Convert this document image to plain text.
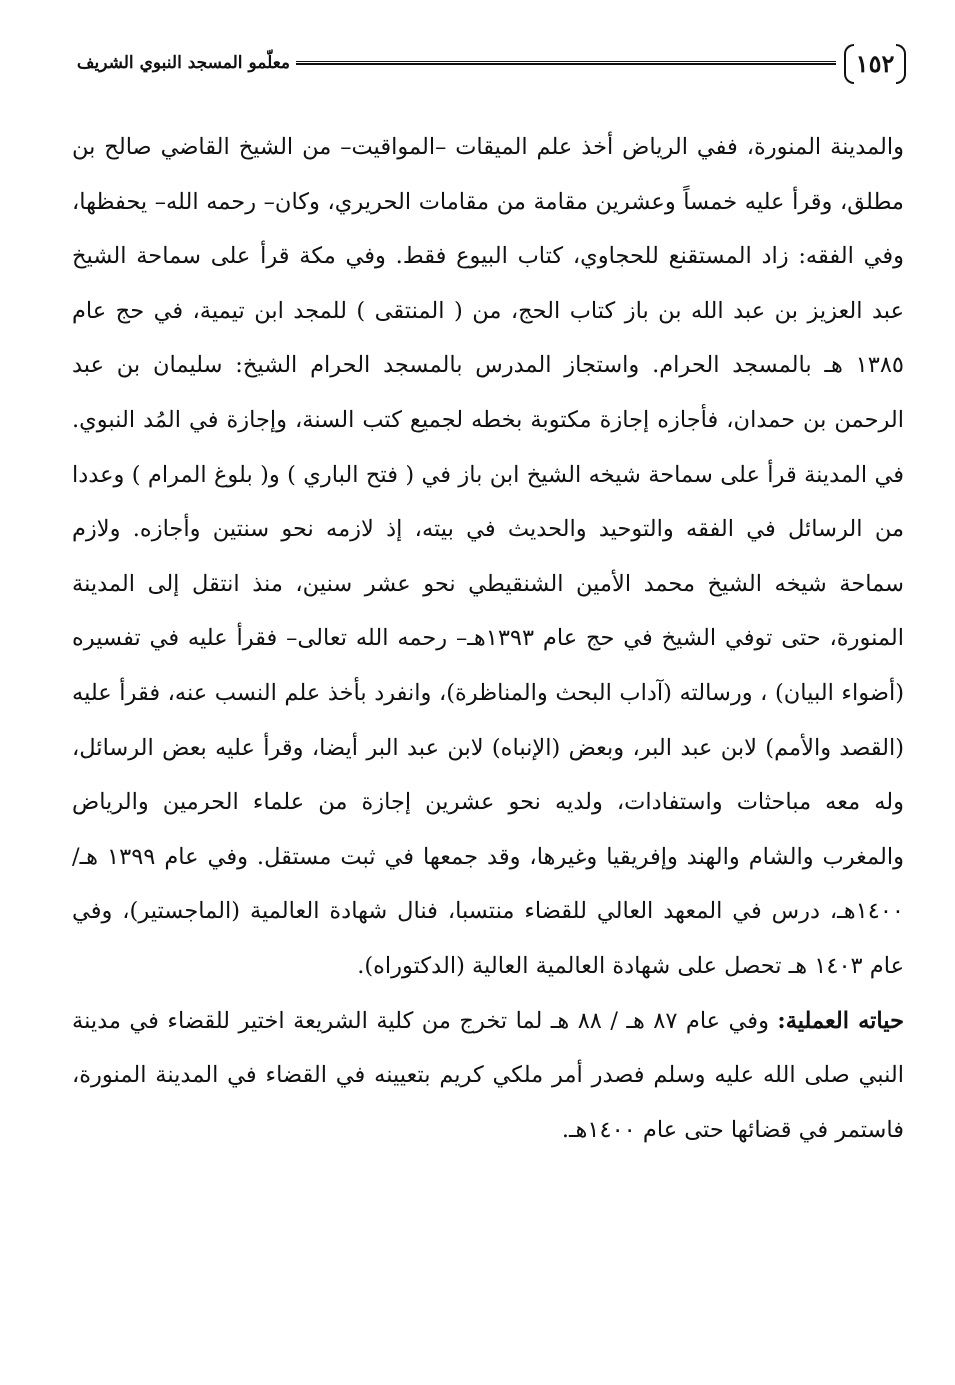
١٥٢
معلّمو المسجد النبوي الشريف

والمدينة المنورة، ففي الرياض أخذ علم الميقات –المواقيت– من الشيخ القاضي صالح بن مطلق، وقرأ عليه خمساً وعشرين مقامة من مقامات الحريري، وكان– رحمه الله– يحفظها، وفي الفقه: زاد المستقنع للحجاوي، كتاب البيوع فقط. وفي مكة قرأ على سماحة الشيخ عبد العزيز بن عبد الله بن باز كتاب الحج، من ( المنتقى ) للمجد ابن تيمية، في حج عام ١٣٨٥ هـ بالمسجد الحرام. واستجاز المدرس بالمسجد الحرام الشيخ: سليمان بن عبد الرحمن بن حمدان، فأجازه إجازة مكتوبة بخطه لجميع كتب السنة، وإجازة في المُد النبوي. في المدينة قرأ على سماحة شيخه الشيخ ابن باز في ( فتح الباري ) و( بلوغ المرام ) وعددا من الرسائل في الفقه والتوحيد والحديث في بيته، إذ لازمه نحو سنتين وأجازه. ولازم سماحة شيخه الشيخ محمد الأمين الشنقيطي نحو عشر سنين، منذ انتقل إلى المدينة المنورة، حتى توفي الشيخ في حج عام ١٣٩٣هـ– رحمه الله تعالى– فقرأ عليه في تفسيره (أضواء البيان) ، ورسالته (آداب البحث والمناظرة)، وانفرد بأخذ علم النسب عنه، فقرأ عليه (القصد والأمم) لابن عبد البر، وبعض (الإنباه) لابن عبد البر أيضا، وقرأ عليه بعض الرسائل، وله معه مباحثات واستفادات، ولديه نحو عشرين إجازة من علماء الحرمين والرياض والمغرب والشام والهند وإفريقيا وغيرها، وقد جمعها في ثبت مستقل. وفي عام ١٣٩٩ هـ/ ١٤٠٠هـ، درس في المعهد العالي للقضاء منتسبا، فنال شهادة العالمية (الماجستير)، وفي عام ١٤٠٣ هـ تحصل على شهادة العالمية العالية (الدكتوراه).

حياته العملية: وفي عام ٨٧ هـ / ٨٨ هـ لما تخرج من كلية الشريعة اختير للقضاء في مدينة النبي صلى الله عليه وسلم فصدر أمر ملكي كريم بتعيينه في القضاء في المدينة المنورة، فاستمر في قضائها حتى عام ١٤٠٠هـ.
